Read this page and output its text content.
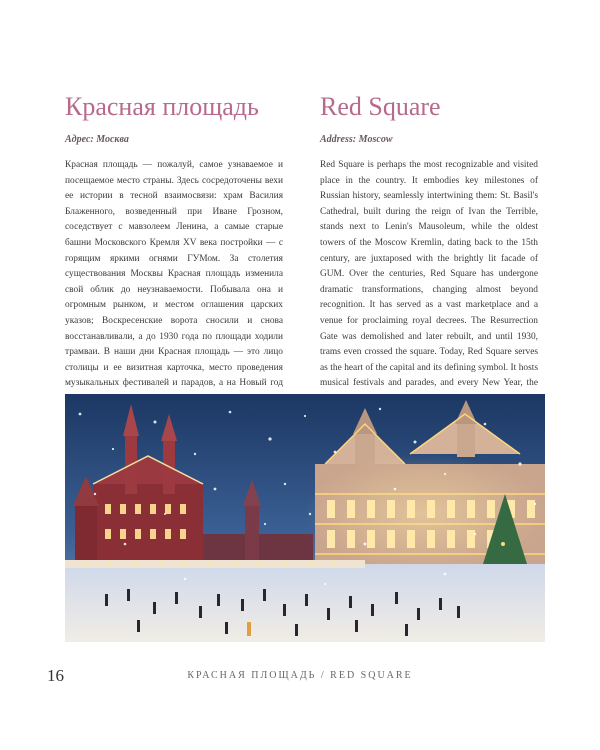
Красная площадь
Адрес: Москва

Красная площадь — пожалуй, самое узнаваемое и посещаемое место страны. Здесь сосредоточены вехи ее истории в тесной взаимосвязи: храм Василия Блаженного, возведенный при Иване Грозном, соседствует с мавзолеем Ленина, а самые старые башни Московского Кремля XV века постройки — с горящим яркими огнями ГУМом. За столетия существования Москвы Красная площадь изменила свой облик до неузнаваемости. Побывала она и огромным рынком, и местом оглашения царских указов; Воскресенские ворота сносили и снова восстанавливали, а до 1930 года по площади ходили трамваи. В наши дни Красная площадь — это лицо столицы и ее визитная карточка, место проведения музыкальных фестивалей и парадов, а на Новый год

Red Square
Address: Moscow

Red Square is perhaps the most recognizable and visited place in the country. It embodies key milestones of Russian history, seamlessly intertwining them: St. Basil's Cathedral, built during the reign of Ivan the Terrible, stands next to Lenin's Mausoleum, while the oldest towers of the Moscow Kremlin, dating back to the 15th century, are juxtaposed with the brightly lit facade of GUM. Over the centuries, Red Square has undergone dramatic transformations, changing almost beyond recognition. It has served as a vast marketplace and a venue for proclaiming royal decrees. The Resurrection Gate was demolished and later rebuilt, and until 1930, trams even crossed the square. Today, Red Square serves as the heart of the capital and its defining symbol. It hosts musical festivals and parades, and every New Year, the

16	КРАСНАЯ ПЛОЩАДЬ / RED SQUARE
